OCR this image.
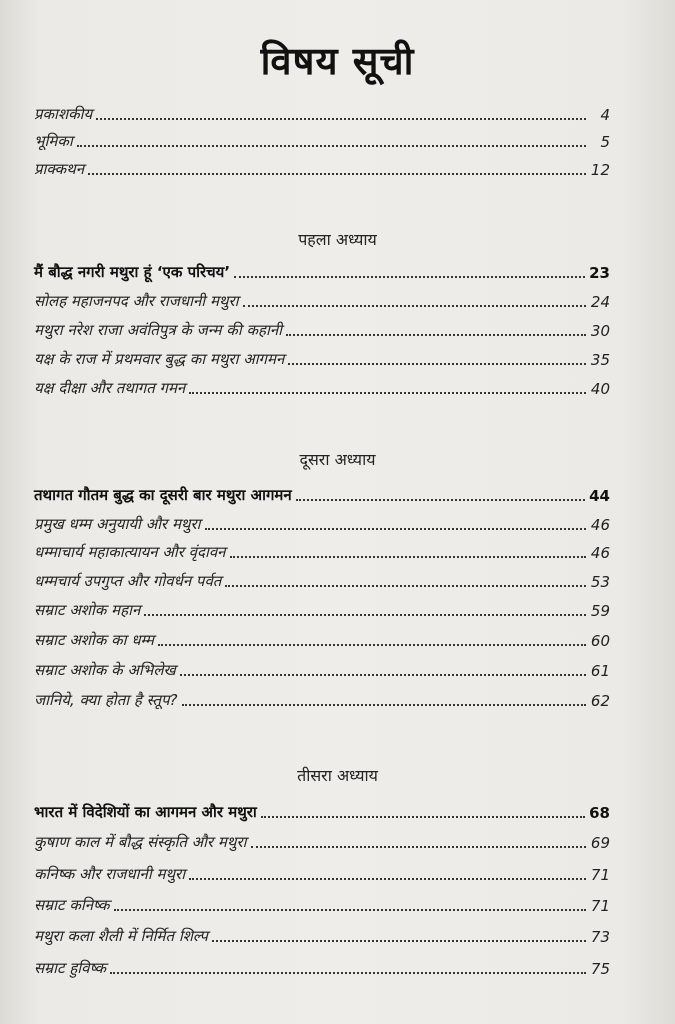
विषय सूची
प्रकाशकीय	4
भूमिका	5
प्राक्कथन	12
पहला अध्याय
मैं बौद्ध नगरी मथुरा हूं ‘एक परिचय’	23
सोलह महाजनपद और राजधानी मथुरा	24
मथुरा नरेश राजा अवंतिपुत्र के जन्म की कहानी	30
यक्ष के राज में प्रथमवार बुद्ध का मथुरा आगमन	35
यक्ष दीक्षा और तथागत गमन	40
दूसरा अध्याय
तथागत गौतम बुद्ध का दूसरी बार मथुरा आगमन	44
प्रमुख धम्म अनुयायी और मथुरा	46
धम्माचार्य महाकात्यायन और वृंदावन	46
धम्मचार्य उपगुप्त और गोवर्धन पर्वत	53
सम्राट अशोक महान	59
सम्राट अशोक का धम्म	60
सम्राट अशोक के अभिलेख	61
जानिये, क्या होता है स्तूप?	62
तीसरा अध्याय
भारत में विदेशियों का आगमन और मथुरा	68
कुषाण काल में बौद्ध संस्कृति और मथुरा	69
कनिष्क और राजधानी मथुरा	71
सम्राट कनिष्क	71
मथुरा कला शैली में निर्मित शिल्प	73
सम्राट हुविष्क	75
